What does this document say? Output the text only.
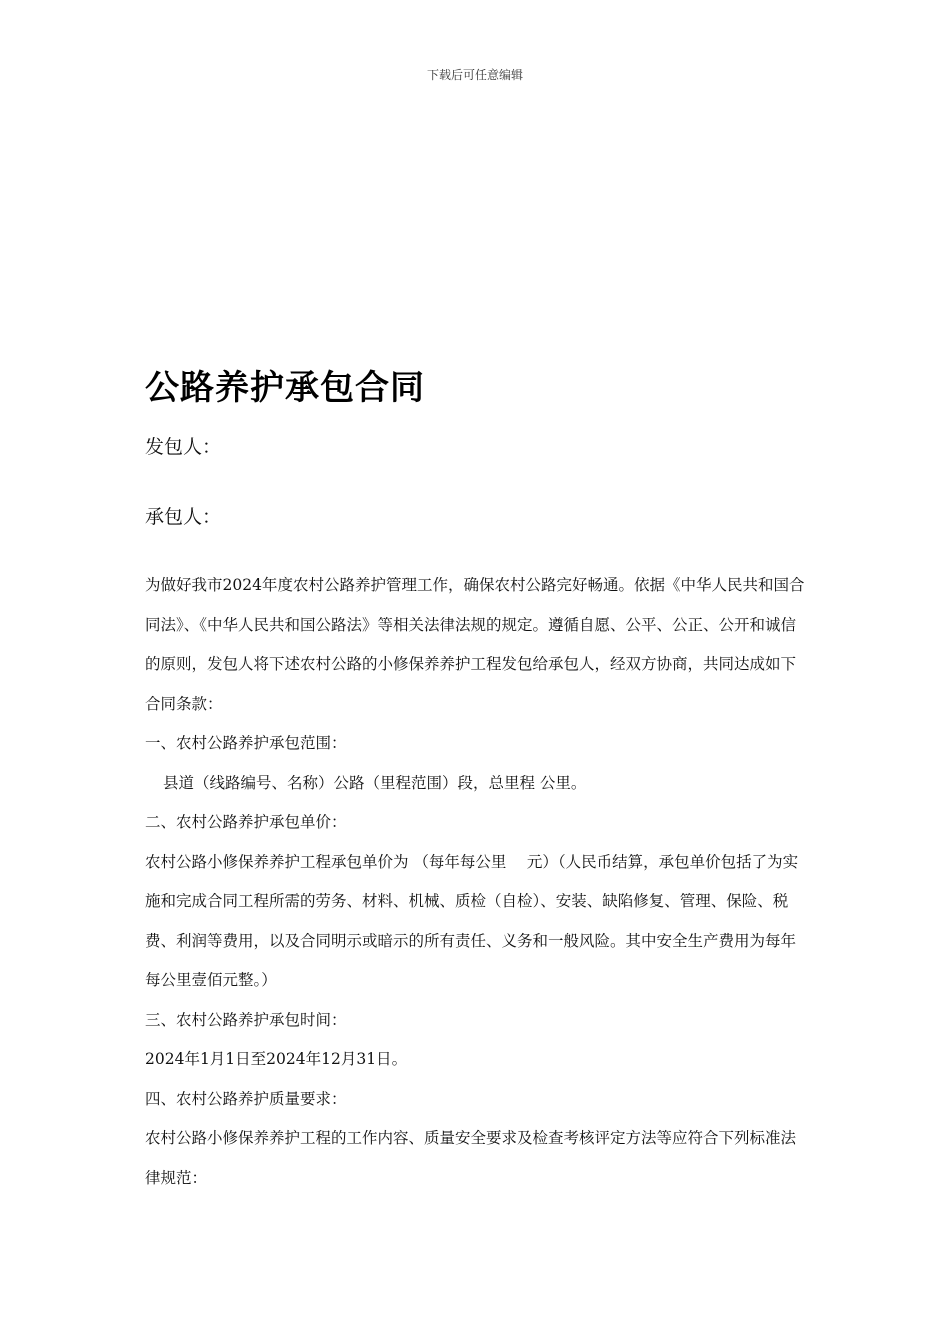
下载后可任意编辑
公路养护承包合同
发包人：
承包人：

为做好我市2024年度农村公路养护管理工作，确保农村公路完好畅通。依据《中华人民共和国合同法》、《中华人民共和国公路法》等相关法律法规的规定。遵循自愿、公平、公正、公开和诚信的原则，发包人将下述农村公路的小修保养养护工程发包给承包人，经双方协商，共同达成如下合同条款：

一、农村公路养护承包范围：

县道（线路编号、名称）公路（里程范围）段，总里程 公里。

二、农村公路养护承包单价：

农村公路小修保养养护工程承包单价为 （每年每公里　 元）（人民币结算，承包单价包括了为实施和完成合同工程所需的劳务、材料、机械、质检（自检）、安装、缺陷修复、管理、保险、税费、利润等费用，以及合同明示或暗示的所有责任、义务和一般风险。其中安全生产费用为每年每公里壹佰元整。）

三、农村公路养护承包时间：

2024年1月1日至2024年12月31日。

四、农村公路养护质量要求：

农村公路小修保养养护工程的工作内容、质量安全要求及检查考核评定方法等应符合下列标准法律规范：
